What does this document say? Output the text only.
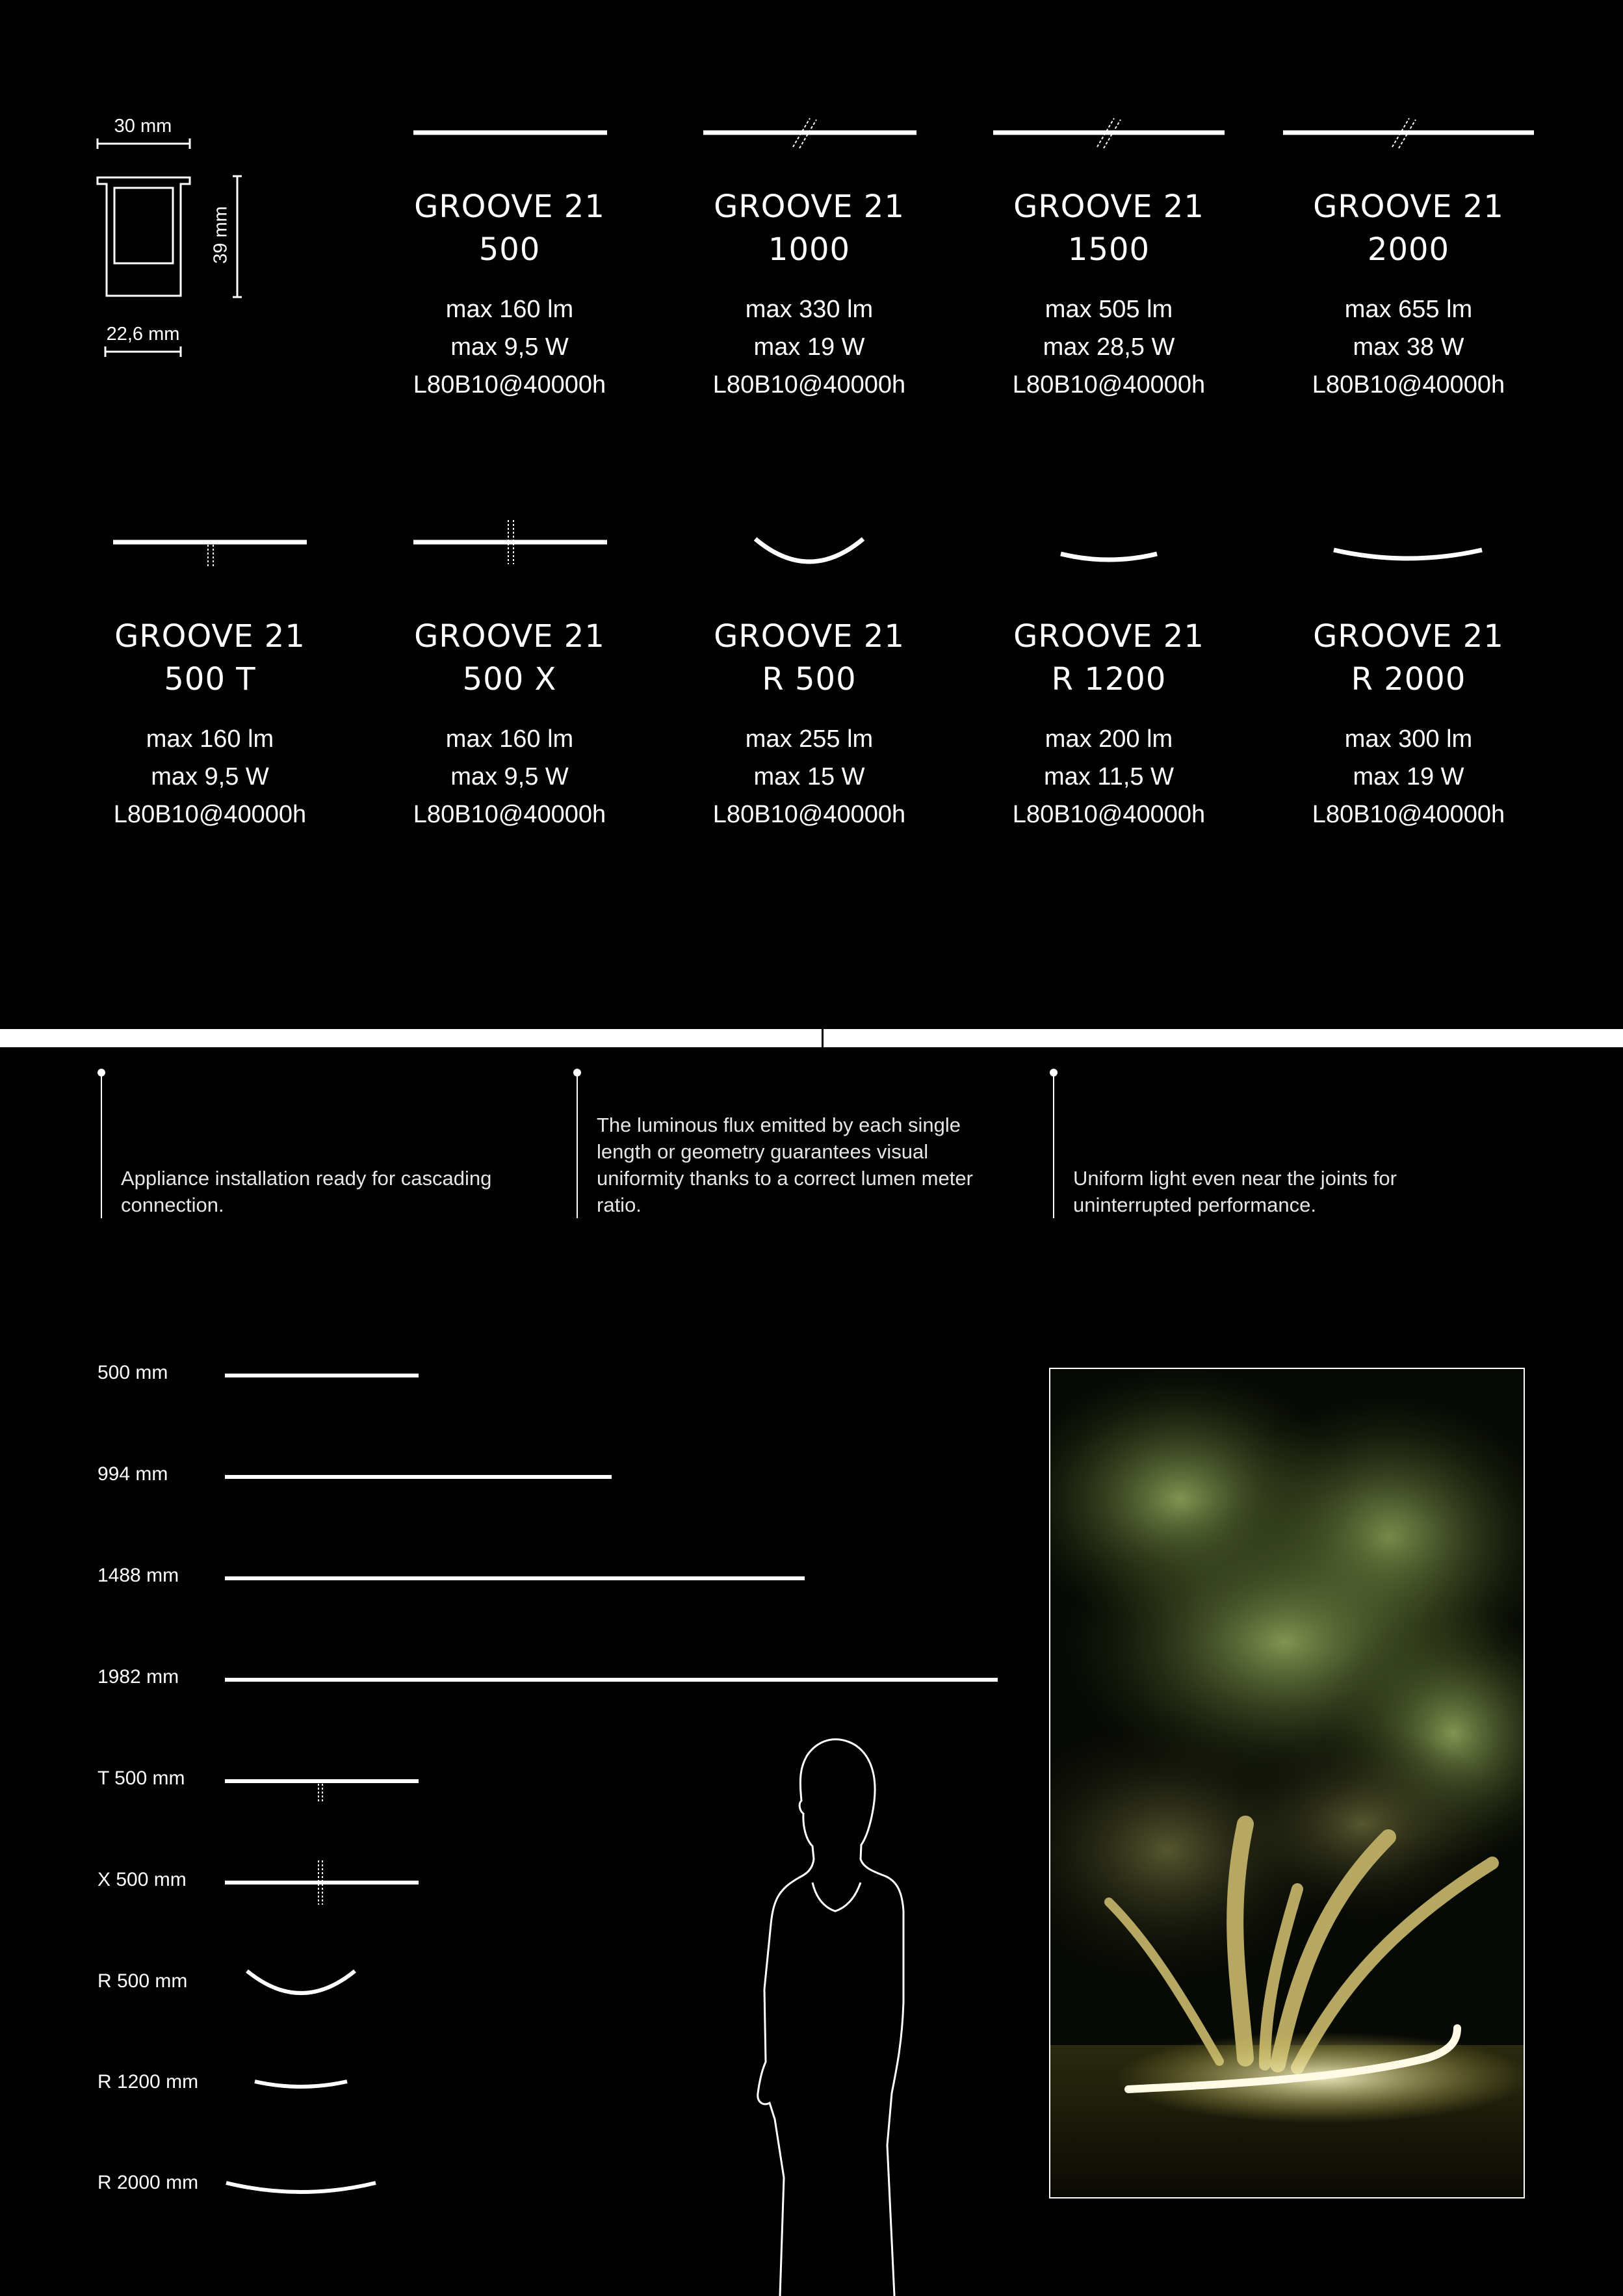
30 mm
22,6 mm
39 mm	GROOVE 21
500
max 160 lm
max 9,5 W
L80B10@40000h
GROOVE 21
1000
max 330 lm
max 19 W
L80B10@40000h
GROOVE 21
1500
max 505 lm
max 28,5 W
L80B10@40000h
GROOVE 21
2000
max 655 lm
max 38 W
L80B10@40000h
GROOVE 21
500 T
max 160 lm
max 9,5 W
L80B10@40000h
GROOVE 21
500 X
max 160 lm
max 9,5 W
L80B10@40000h
GROOVE 21
R 500
max 255 lm
max 15 W
L80B10@40000h
GROOVE 21
R 1200
max 200 lm
max 11,5 W
L80B10@40000h
GROOVE 21
R 2000
max 300 lm
max 19 W
L80B10@40000h
Appliance installation ready for cascading connection.
The luminous flux emitted by each single length or geometry guarantees visual uniformity thanks to a correct lumen meter ratio.
Uniform light even near the joints for uninterrupted performance.
500 mm
994 mm
1488 mm
1982 mm
T 500 mm
X 500 mm
R 500 mm
R 1200 mm
R 2000 mm
